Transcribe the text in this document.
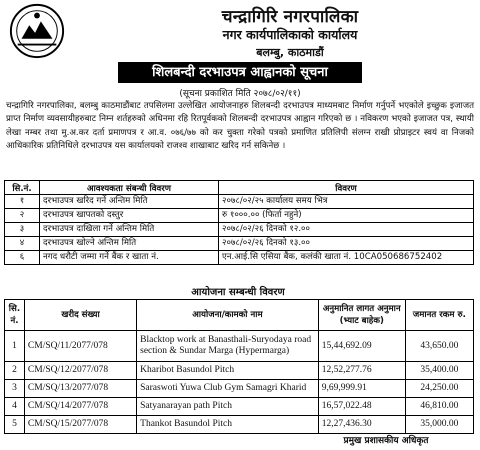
चन्द्रागिरि नगरपालिका
नगर कार्यपालिकाको कार्यालय
बलम्बु, काठमाडौं
शिलबन्दी दरभाउपत्र आह्वानको सूचना
(सूचना प्रकाशित मिति २०७८/०२/११)
चन्द्रागिरि नगरपालिका, बलम्बु काठमाडौंबाट तपसिलमा उल्लेखित आयोजनाहरु शिलबन्दी दरभाउपत्र माध्यमबाट निर्माण गर्नुपर्ने भएकोले इच्छुक इजाजत प्राप्त निर्माण व्यवसायीहरुबाट निम्न शर्तहरुको अधिनमा रहि रितपूर्वकको शिलबन्दी दरभाउपत्र आह्वान गरिएको छ । नविकरण भएको इजाजत पत्र, स्थायी लेखा नम्बर तथा मु.अ.कर दर्ता प्रमाणपत्र र आ.व. ०७६/७७ को कर चुक्ता गरेको पत्रको प्रमाणित प्रतिलिपी संलग्न राखी प्रोप्राइटर स्वयं वा निजको आधिकारिक प्रतिनिधिले दरभाउपत्र यस कार्यालयको राजश्व शाखाबाट खरिद गर्न सकिनेछ ।
सि.नं.	आवश्यकता संबन्धी विवरण	विवरण
१	दरभाउपत्र खरिद गर्ने अन्तिम मिति	२०७८/०२/२५ कार्यालय समय भित्र
२	दरभाउपत्र खापतको दस्तुर	रु १०००.०० (फिर्ता नहुने)
३	दरभाउपत्र दाखिला गर्ने अन्तिम मिति	२०७८/०२/२६ दिनको १२.००
४	दरभाउपत्र खोल्ने अन्तिम मिति	२०७८/०२/२६ दिनको १३.००
६	नगद धरौटी जम्मा गर्ने बैंक र खाता नं.	एन.आई.सि एसिया बैंक, कलंकी खाता नं. 10CA050686752402
आयोजना सम्बन्धी विवरण
सि. नं.	खरीद संख्या	आयोजना/कामको नाम	अनुमानित लागत अनुमान (भ्याट बाहेक)	जमानत रकम रु.
1	CM/SQ/11/2077/078	Blacktop work at Banasthali-Suryodaya road section & Sundar Marga (Hypermarga)	15,44,692.09	43,650.00
2	CM/SQ/12/2077/078	Kharibot Basundol Pitch	12,52,277.76	35,400.00
3	CM/SQ/13/2077/078	Saraswoti Yuwa Club Gym Samagri Kharid	9,69,999.91	24,250.00
4	CM/SQ/14/2077/078	Satyanarayan path Pitch	16,57,022.48	46,810.00
5	CM/SQ/15/2077/078	Thankot Basundol Pitch	12,27,436.30	35,000.00
प्रमुख प्रशासकीय अधिकृत
